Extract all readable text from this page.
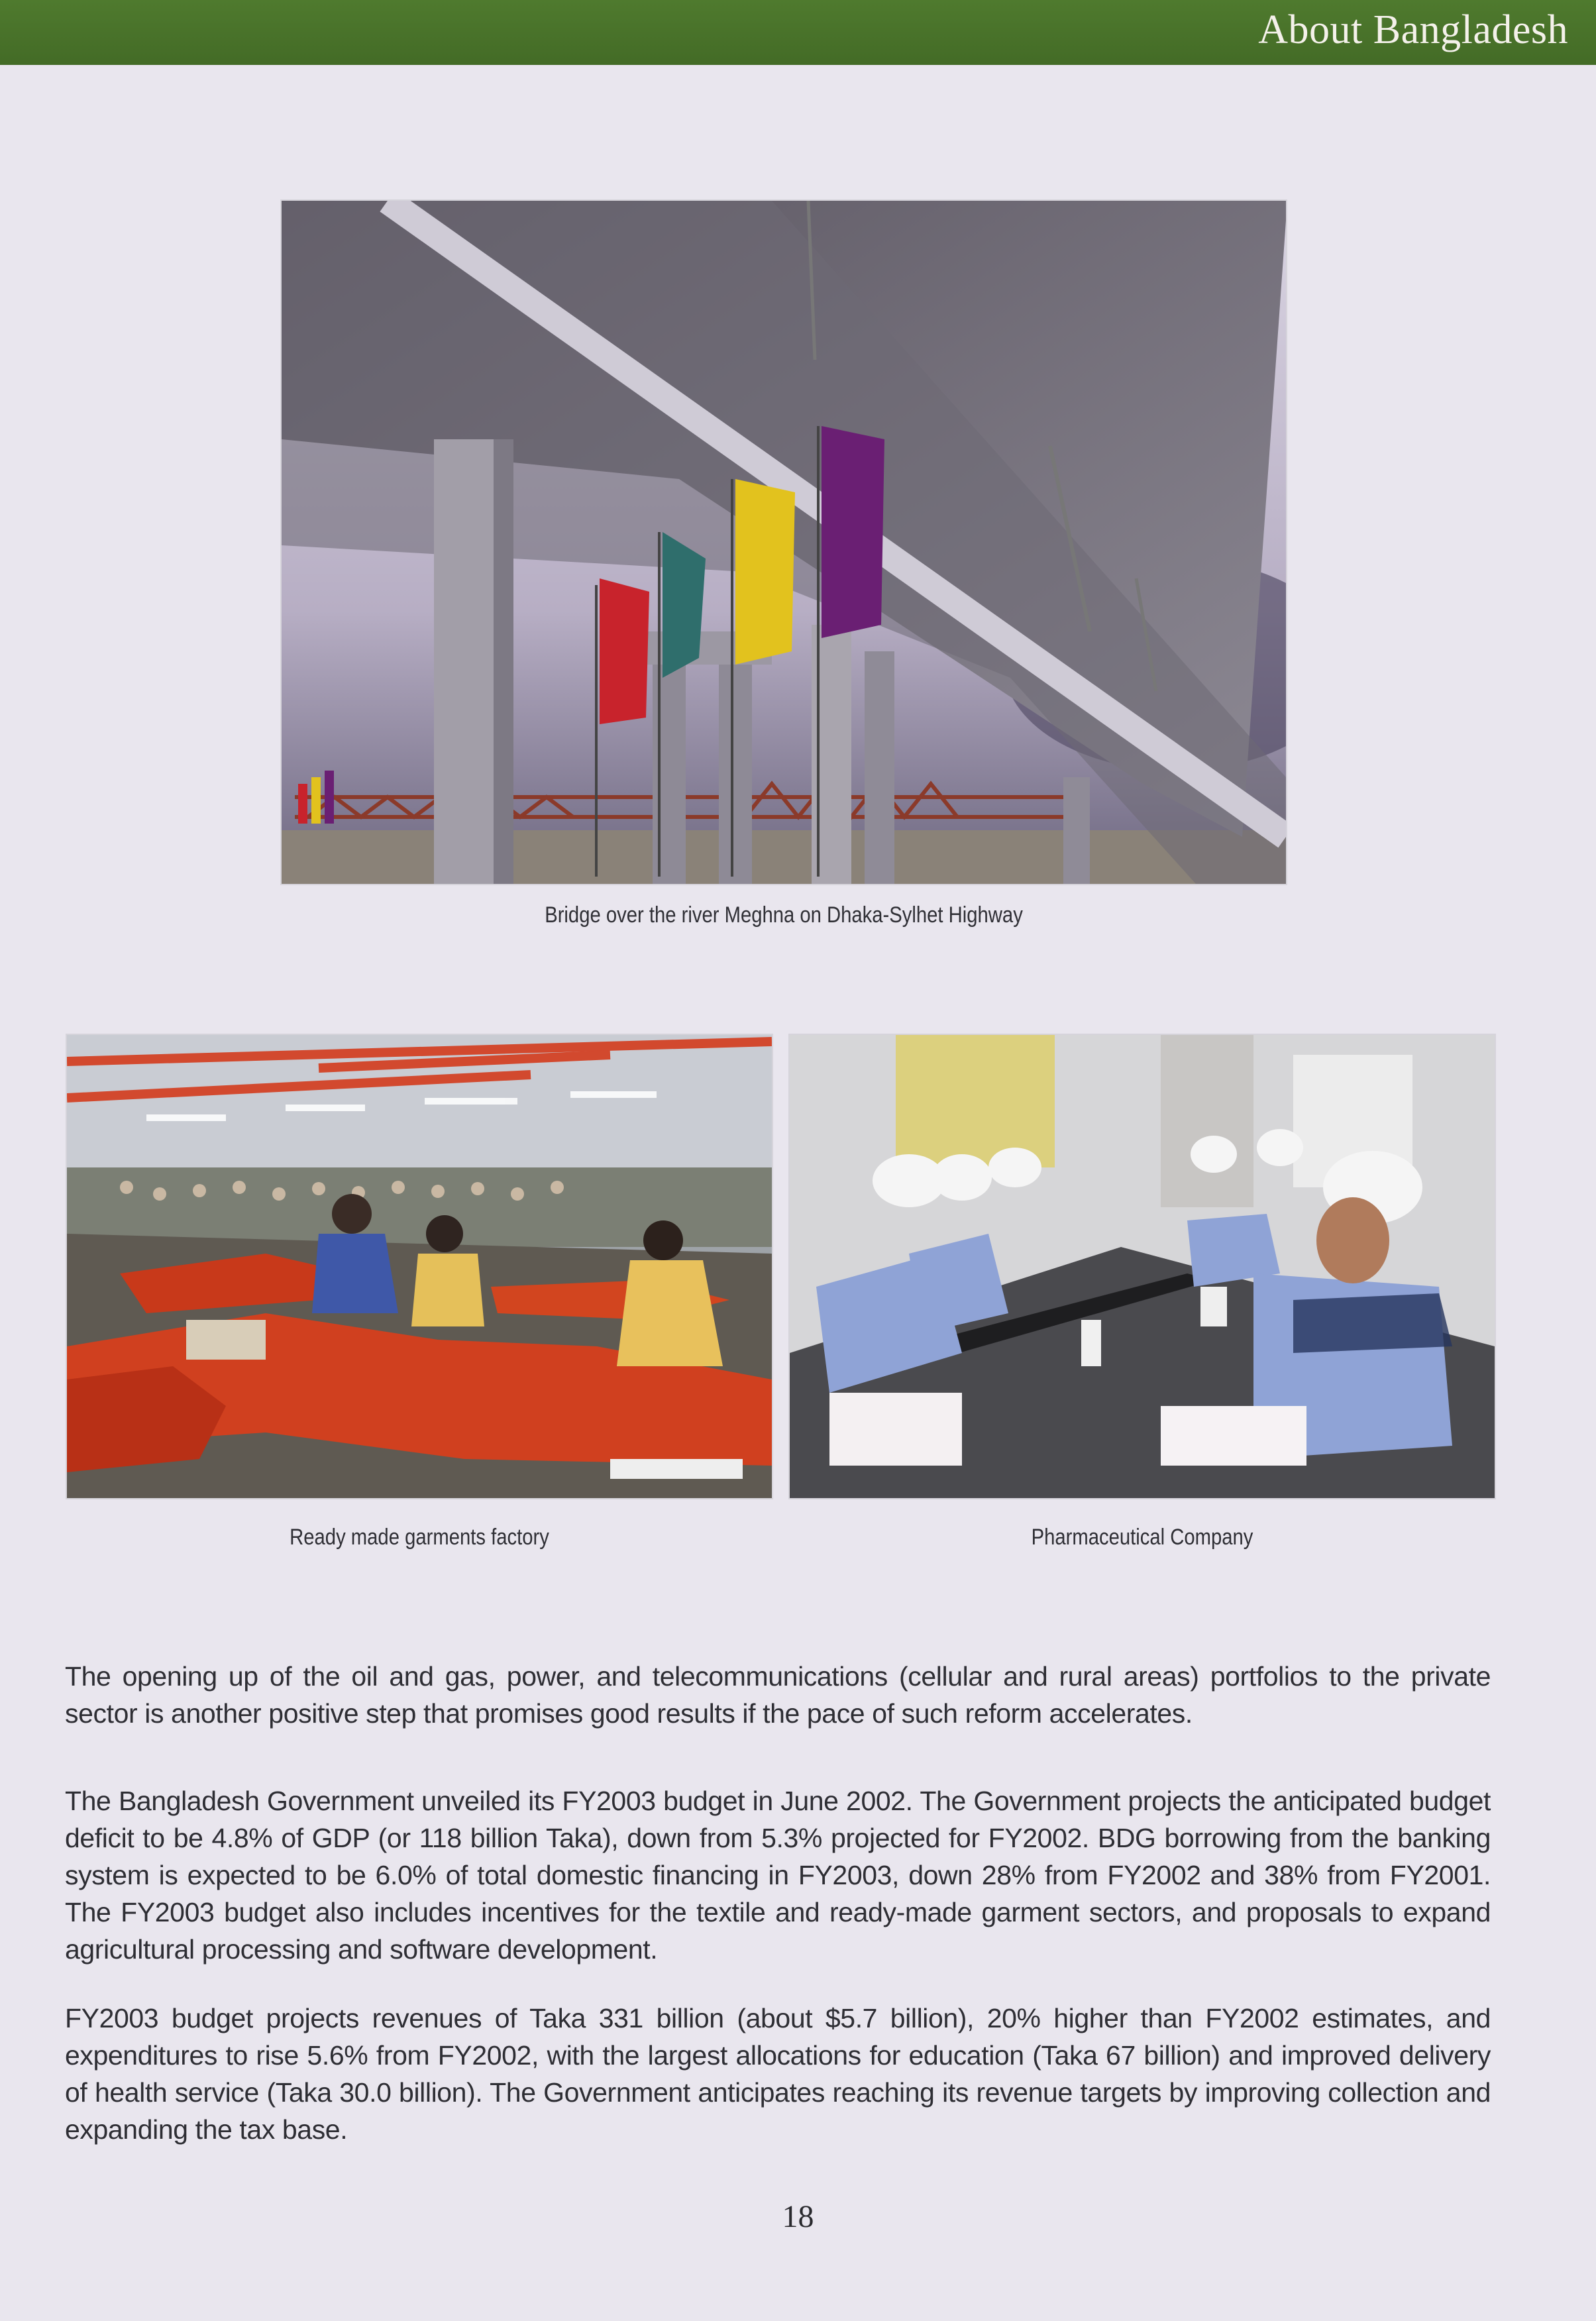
About Bangladesh
Bridge over the river Meghna on Dhaka-Sylhet Highway
Ready made garments factory	Pharmaceutical Company

The opening up of the oil and gas, power, and telecommunications (cellular and rural areas) portfolios to the private sector is another positive step that promises good results if the pace of such reform accelerates.

The Bangladesh Government unveiled its FY2003 budget in June 2002. The Government projects the anticipated budget deficit to be 4.8% of GDP (or 118 billion Taka), down from 5.3% projected for FY2002. BDG borrowing from the banking system is expected to be 6.0% of total domestic financing in FY2003, down 28% from FY2002 and 38% from FY2001. The FY2003 budget also includes incentives for the textile and ready-made garment sectors, and proposals to expand agricultural processing and software development.

FY2003 budget projects revenues of Taka 331 billion (about $5.7 billion), 20% higher than FY2002 estimates, and expenditures to rise 5.6% from FY2002, with the largest allocations for education (Taka 67 billion) and improved delivery of health service (Taka 30.0 billion). The Government anticipates reaching its revenue targets by improving collection and expanding the tax base.

18
